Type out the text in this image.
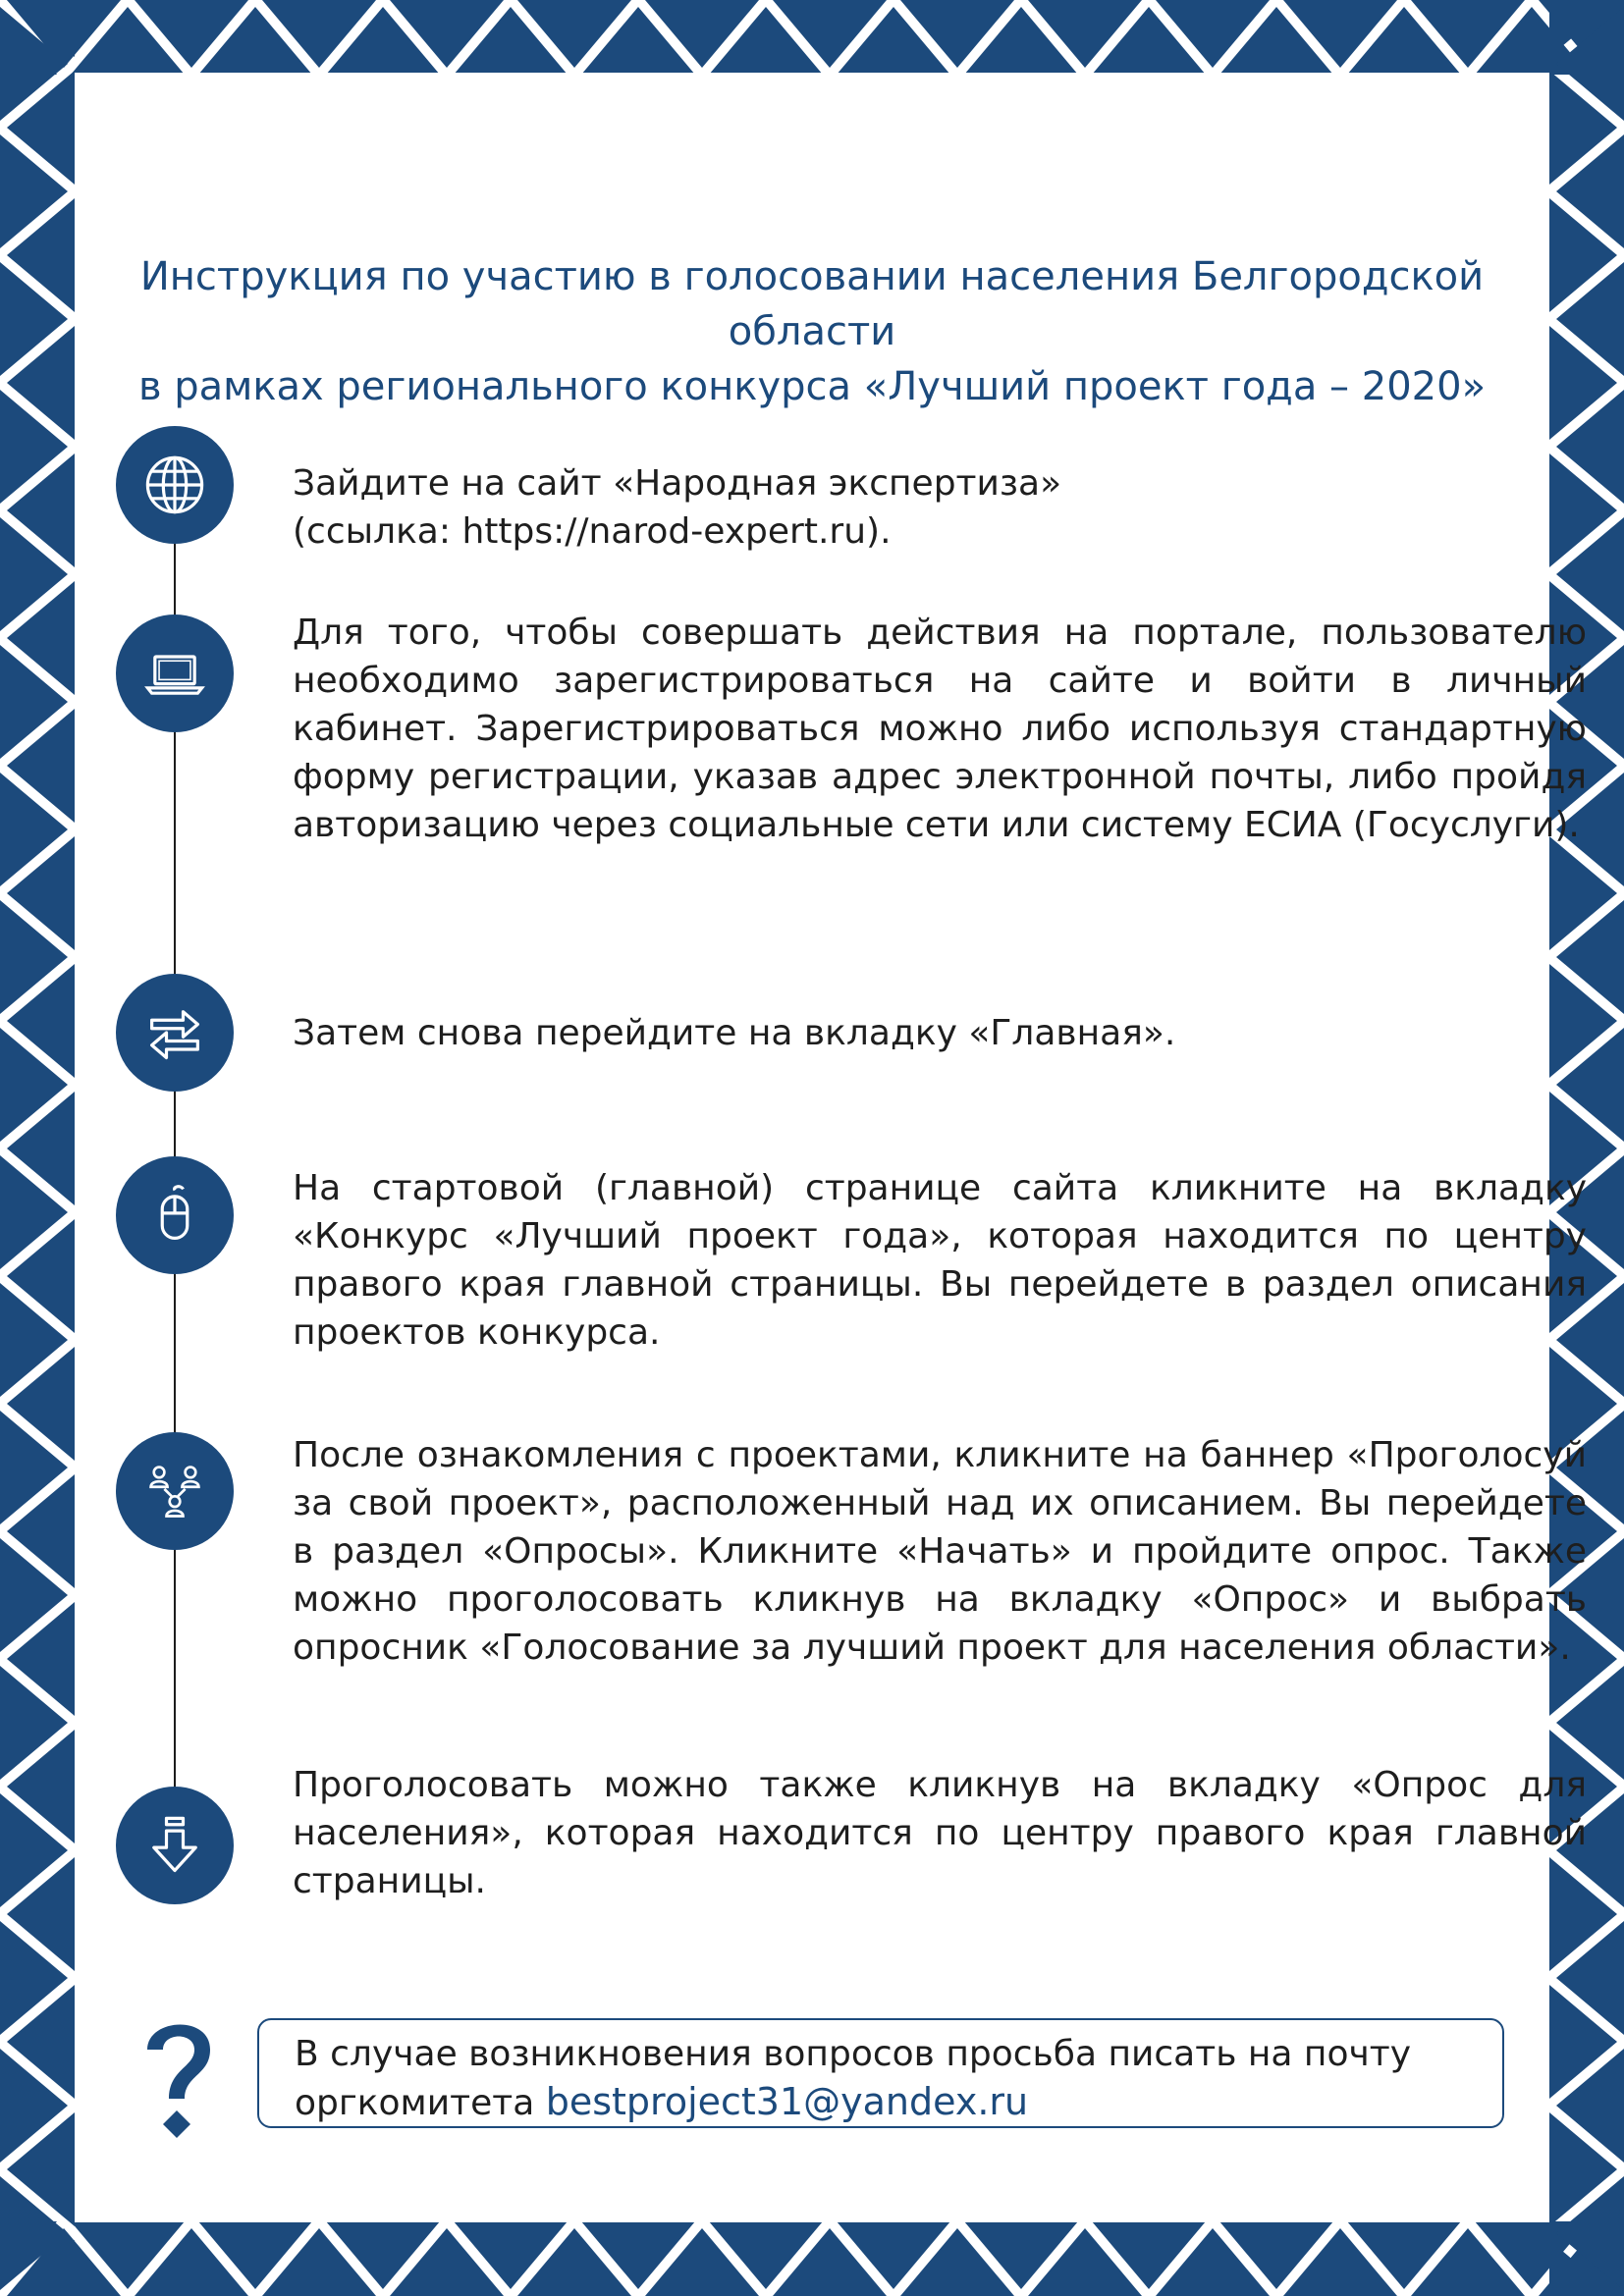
Инструкция по участию в голосовании населения Белгородской области
в рамках регионального конкурса «Лучший проект года – 2020»
Зайдите на сайт «Народная экспертиза»
(ссылка: https://narod-expert.ru).
Для того, чтобы совершать действия на портале, пользователю необходимо зарегистрироваться на сайте и войти в личный кабинет. Зарегистрироваться можно либо используя стандартную форму регистрации, указав адрес электронной почты, либо пройдя авторизацию через социальные сети или систему ЕСИА (Госуслуги).
Затем снова перейдите на вкладку «Главная».
На стартовой (главной) странице сайта кликните на вкладку «Конкурс «Лучший проект года», которая находится по центру правого края главной страницы. Вы перейдете в раздел описания проектов конкурса.
После ознакомления с проектами, кликните на баннер «Проголосуй за свой проект», расположенный над их описанием. Вы перейдете в раздел «Опросы». Кликните «Начать» и пройдите опрос. Также можно проголосовать кликнув на вкладку «Опрос» и выбрать опросник «Голосование за лучший проект для населения области».
Проголосовать можно также кликнув на вкладку «Опрос для населения», которая находится по центру правого края главной страницы.
В случае возникновения вопросов просьба писать на почту
оргкомитета bestproject31@yandex.ru
